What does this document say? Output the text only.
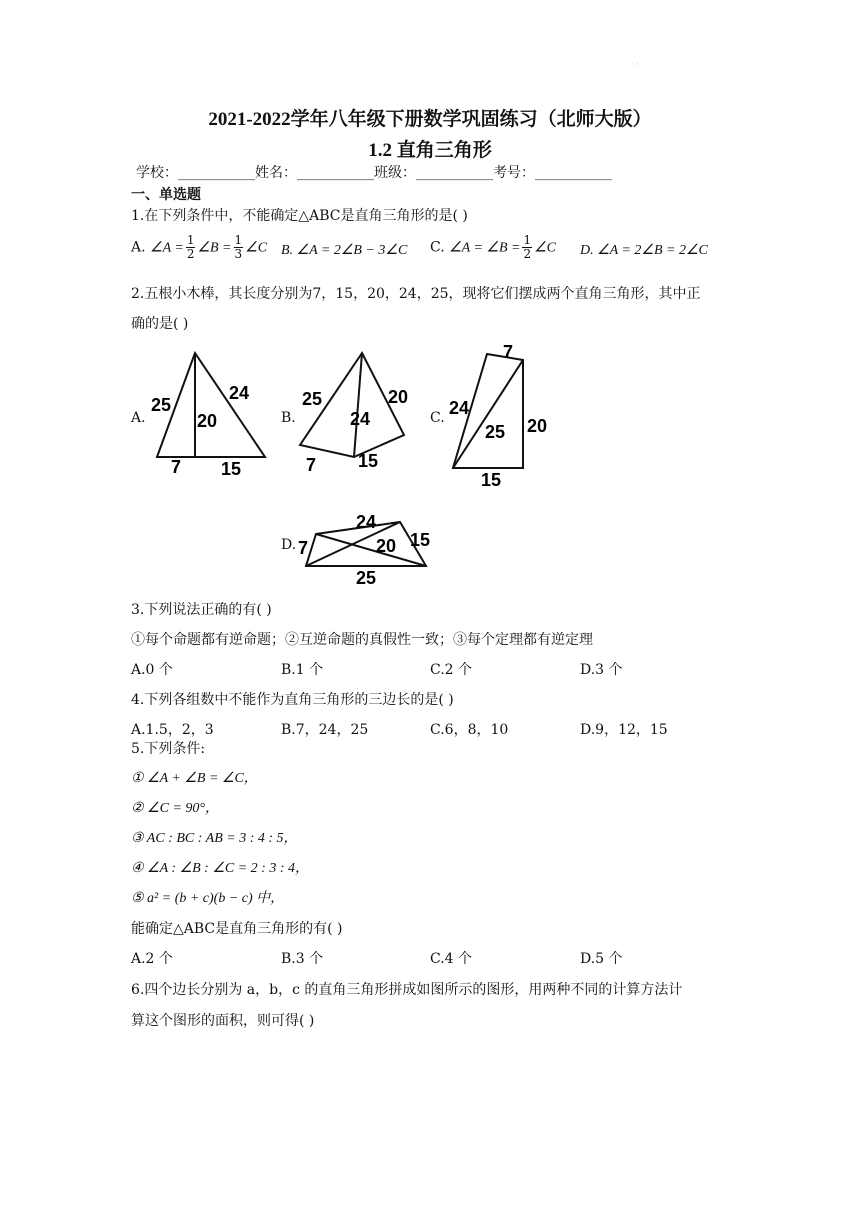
·
2021-2022学年八年级下册数学巩固练习（北师大版）
1.2 直角三角形
学校：___________姓名：___________班级：___________考号：___________
一、单选题
1.在下列条件中，不能确定△ABC是直角三角形的是( )
A. ∠A = $\frac{1}{2}$ ∠B = $\frac{1}{3}$ ∠C B. ∠A = 2∠B − 3∠C C. ∠A = ∠B = $\frac{1}{2}$ ∠C D. ∠A = 2∠B = 2∠C
2.五根小木棒，其长度分别为7，15，20，24，25，现将它们摆成两个直角三角形，其中正
确的是( )
A.
25
24
20
7 15
B.
25	20
24
7 15
C.
7
24
25 20
15
D.
24
7	20 15
25
3.下列说法正确的有( )
①每个命题都有逆命题；②互逆命题的真假性一致；③每个定理都有逆定理
A.0 个	B.1 个	C.2 个	D.3 个
4.下列各组数中不能作为直角三角形的三边长的是( )
A.1.5，2，3	B.7，24，25	C.6，8，10	D.9，12，15
5.下列条件:
① ∠A + ∠B = ∠C，
② ∠C = 90°，
③ AC : BC : AB = 3 : 4 : 5，
④ ∠A : ∠B : ∠C = 2 : 3 : 4，
⑤ a² = (b + c)(b − c) 中，
能确定△ABC是直角三角形的有( )
A.2 个	B.3 个	C.4 个	D.5 个
6.四个边长分别为 a，b，c 的直角三角形拼成如图所示的图形，用两种不同的计算方法计
算这个图形的面积，则可得( )
